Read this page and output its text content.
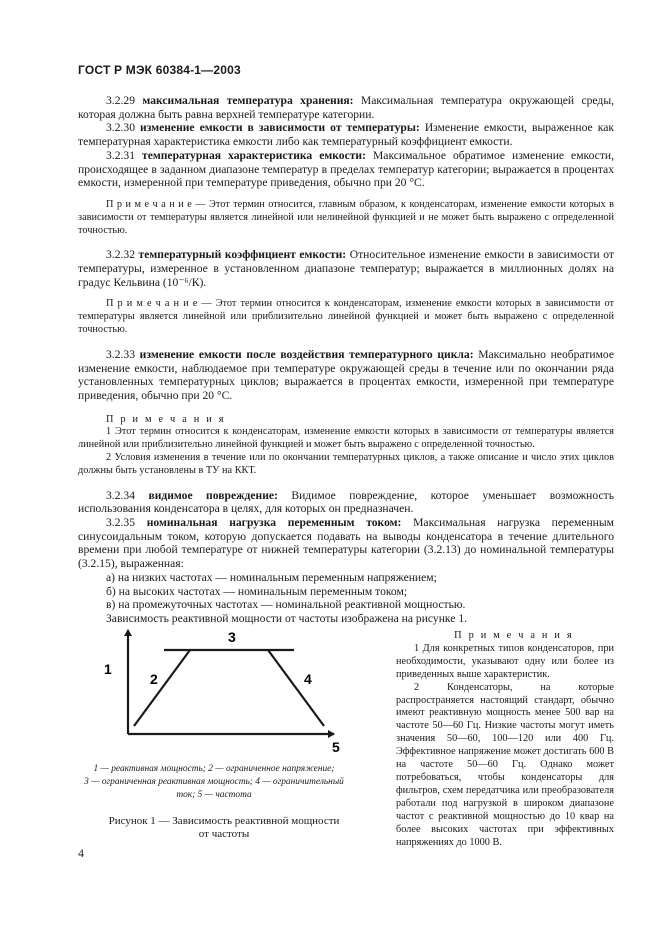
ГОСТ Р МЭК 60384-1—2003

3.2.29 максимальная температура хранения: Максимальная температура окружающей среды, которая должна быть равна верхней температуре категории.

3.2.30 изменение емкости в зависимости от температуры: Изменение емкости, выраженное как температурная характеристика емкости либо как температурный коэффициент емкости.

3.2.31 температурная характеристика емкости: Максимальное обратимое изменение емкости, происходящее в заданном диапазоне температур в пределах температур категории; выражается в процентах емкости, измеренной при температуре приведения, обычно при 20 °С.

П р и м е ч а н и е — Этот термин относится, главным образом, к конденсаторам, изменение емкости которых в зависимости от температуры является линейной или нелинейной функцией и не может быть выражено с определенной точностью.

3.2.32 температурный коэффициент емкости: Относительное изменение емкости в зависимости от температуры, измеренное в установленном диапазоне температур; выражается в миллионных долях на градус Кельвина (10⁻⁶/К).

П р и м е ч а н и е — Этот термин относится к конденсаторам, изменение емкости которых в зависимости от температуры является линейной или приблизительно линейной функцией и может быть выражено с определенной точностью.

3.2.33 изменение емкости после воздействия температурного цикла: Максимально необратимое изменение емкости, наблюдаемое при температуре окружающей среды в течение или по окончании ряда установленных температурных циклов; выражается в процентах емкости, измеренной при температуре приведения, обычно при 20 °С.

П р и м е ч а н и я

1 Этот термин относится к конденсаторам, изменение емкости которых в зависимости от температуры является линейной или приблизительно линейной функцией и может быть выражено с определенной точностью.

2 Условия изменения в течение или по окончании температурных циклов, а также описание и число этих циклов должны быть установлены в ТУ на ККТ.

3.2.34 видимое повреждение: Видимое повреждение, которое уменьшает возможность использования конденсатора в целях, для которых он предназначен.

3.2.35 номинальная нагрузка переменным током: Максимальная нагрузка переменным синусоидальным током, которую допускается подавать на выводы конденсатора в течение длительного времени при любой температуре от нижней температуры категории (3.2.13) до номинальной температуры (3.2.15), выраженная:

а) на низких частотах — номинальным переменным напряжением;

б) на высоких частотах — номинальным переменным током;

в) на промежуточных частотах — номинальной реактивной мощностью.

Зависимость реактивной мощности от частоты изображена на рисунке 1.

1
2
3
4
5
1 — реактивная мощность; 2 — ограниченное напряжение;
3 — ограниченная реактивная мощность; 4 — ограничительный
ток; 5 — частота
Рисунок 1 — Зависимость реактивной мощности
от частоты

П р и м е ч а н и я

1 Для конкретных типов конденсаторов, при необходимости, указывают одну или более из приведенных выше характеристик.

2 Конденсаторы, на которые распространяется настоящий стандарт, обычно имеют реактивную мощность менее 500 вар на частоте 50—60 Гц. Низкие частоты могут иметь значения 50—60, 100—120 или 400 Гц. Эффективное напряжение может достигать 600 В на частоте 50—60 Гц. Однако может потребоваться, чтобы конденсаторы для фильтров, схем передатчика или преобразователя работали под нагрузкой в широком диапазоне частот с реактивной мощностью до 10 квар на более высоких частотах при эффективных напряжениях до 1000 В.

4
